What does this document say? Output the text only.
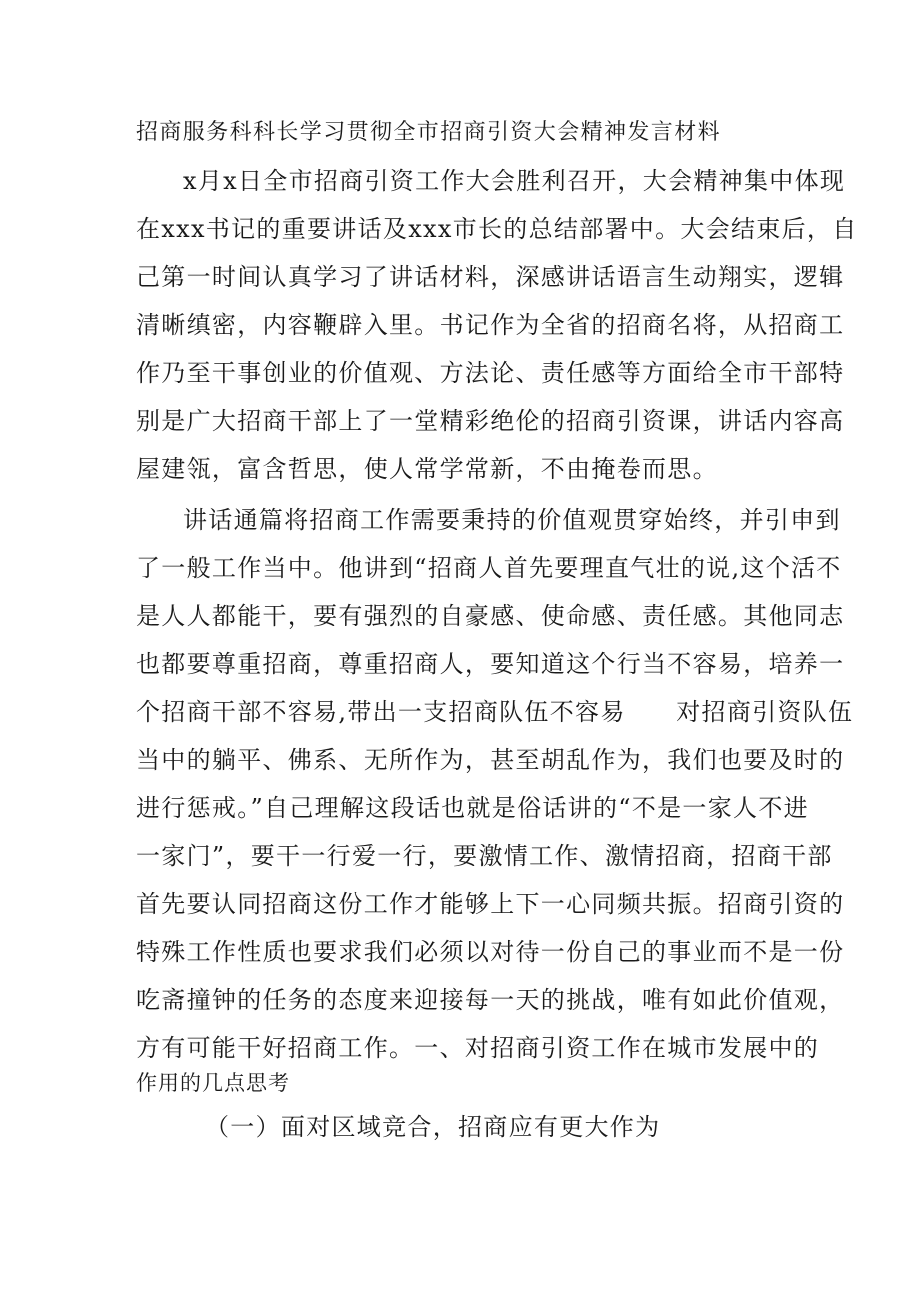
招商服务科科长学习贯彻全市招商引资大会精神发言材料
x月x日全市招商引资工作大会胜利召开，大会精神集中体现
在xxx书记的重要讲话及xxx市长的总结部署中。大会结束后，自
己第一时间认真学习了讲话材料，深感讲话语言生动翔实，逻辑
清晰缜密，内容鞭辟入里。书记作为全省的招商名将，从招商工
作乃至干事创业的价值观、方法论、责任感等方面给全市干部特
别是广大招商干部上了一堂精彩绝伦的招商引资课，讲话内容高
屋建瓴，富含哲思，使人常学常新，不由掩卷而思。
讲话通篇将招商工作需要秉持的价值观贯穿始终，并引申到
了一般工作当中。他讲到“招商人首先要理直气壮的说,这个活不
是人人都能干，要有强烈的自豪感、使命感、责任感。其他同志
也都要尊重招商，尊重招商人，要知道这个行当不容易，培养一
个招商干部不容易,带出一支招商队伍不容易　　对招商引资队伍
当中的躺平、佛系、无所作为，甚至胡乱作为，我们也要及时的
进行惩戒。”自己理解这段话也就是俗话讲的“不是一家人不进
一家门”，要干一行爱一行，要激情工作、激情招商，招商干部
首先要认同招商这份工作才能够上下一心同频共振。招商引资的
特殊工作性质也要求我们必须以对待一份自己的事业而不是一份
吃斋撞钟的任务的态度来迎接每一天的挑战，唯有如此价值观，
方有可能干好招商工作。一、对招商引资工作在城市发展中的
作用的几点思考
（一）面对区域竞合，招商应有更大作为
